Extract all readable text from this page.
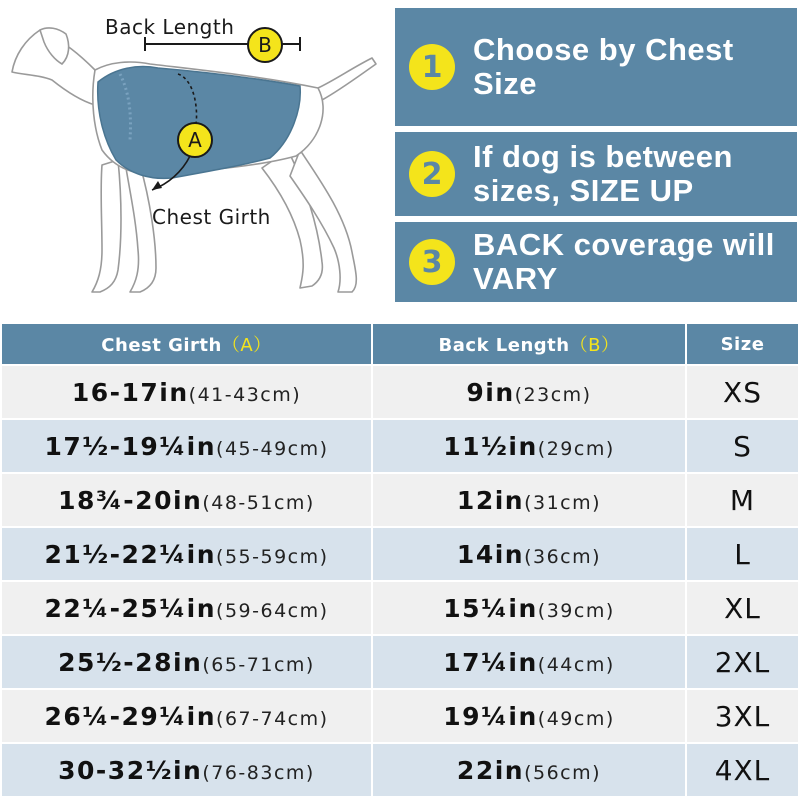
Back Length
B
A
Chest Girth
1 Choose by Chest Size
2 If dog is between sizes, SIZE UP
3 BACK coverage will VARY
Chest Girth（A）	Back Length（B）	Size
16-17in(41-43cm)	9in(23cm)	XS
17½-19¼in(45-49cm)	11½in(29cm)	S
18¾-20in(48-51cm)	12in(31cm)	M
21½-22¼in(55-59cm)	14in(36cm)	L
22¼-25¼in(59-64cm)	15¼in(39cm)	XL
25½-28in(65-71cm)	17¼in(44cm)	2XL
26¼-29¼in(67-74cm)	19¼in(49cm)	3XL
30-32½in(76-83cm)	22in(56cm)	4XL
